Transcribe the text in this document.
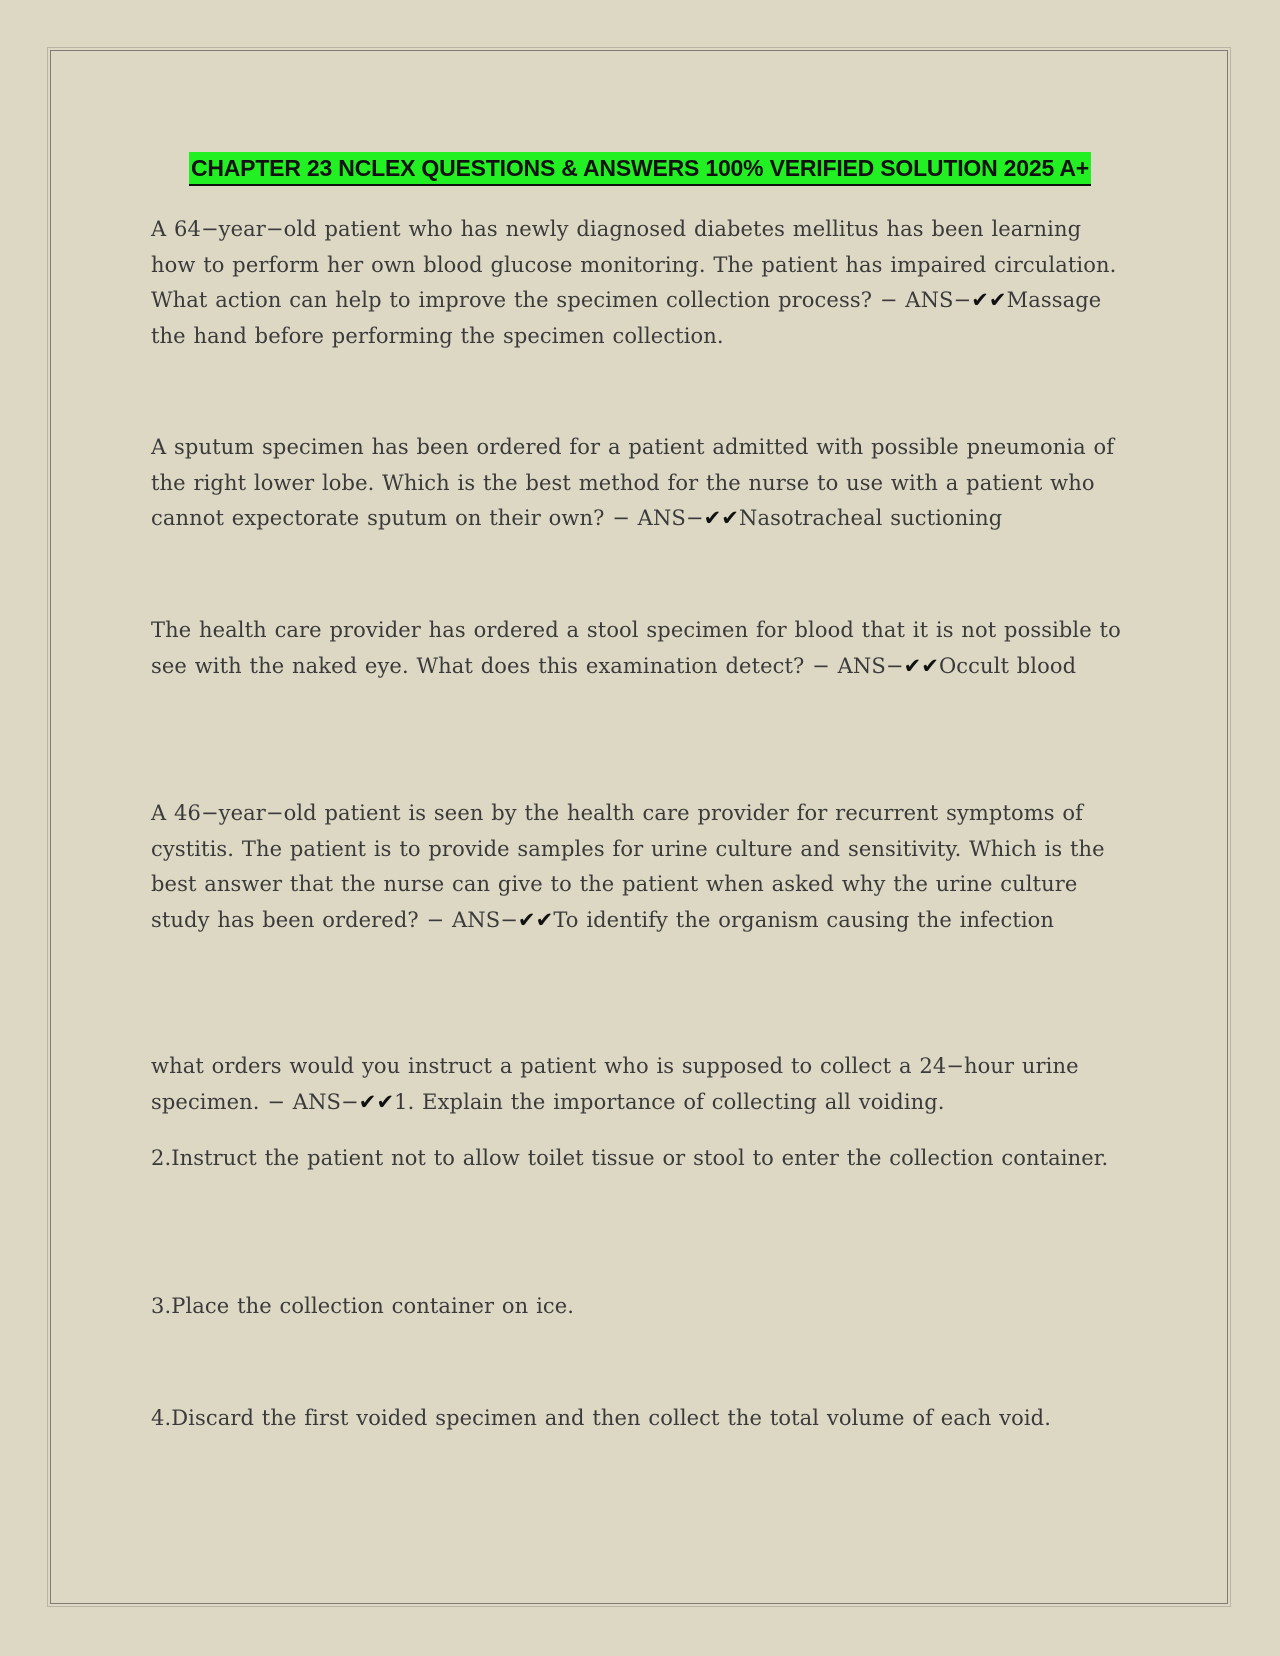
CHAPTER 23 NCLEX QUESTIONS & ANSWERS 100% VERIFIED SOLUTION 2025 A+

A 64−year−old patient who has newly diagnosed diabetes mellitus has been learning how to perform her own blood glucose monitoring. The patient has impaired circulation. What action can help to improve the specimen collection process? − ANS−✔✔Massage the hand before performing the specimen collection.

A sputum specimen has been ordered for a patient admitted with possible pneumonia of the right lower lobe. Which is the best method for the nurse to use with a patient who cannot expectorate sputum on their own? − ANS−✔✔Nasotracheal suctioning

The health care provider has ordered a stool specimen for blood that it is not possible to see with the naked eye. What does this examination detect? − ANS−✔✔Occult blood

A 46−year−old patient is seen by the health care provider for recurrent symptoms of cystitis. The patient is to provide samples for urine culture and sensitivity. Which is the best answer that the nurse can give to the patient when asked why the urine culture study has been ordered? − ANS−✔✔To identify the organism causing the infection

what orders would you instruct a patient who is supposed to collect a 24−hour urine specimen. − ANS−✔✔1. Explain the importance of collecting all voiding.

2.Instruct the patient not to allow toilet tissue or stool to enter the collection container.

3.Place the collection container on ice.

4.Discard the first voided specimen and then collect the total volume of each void.
